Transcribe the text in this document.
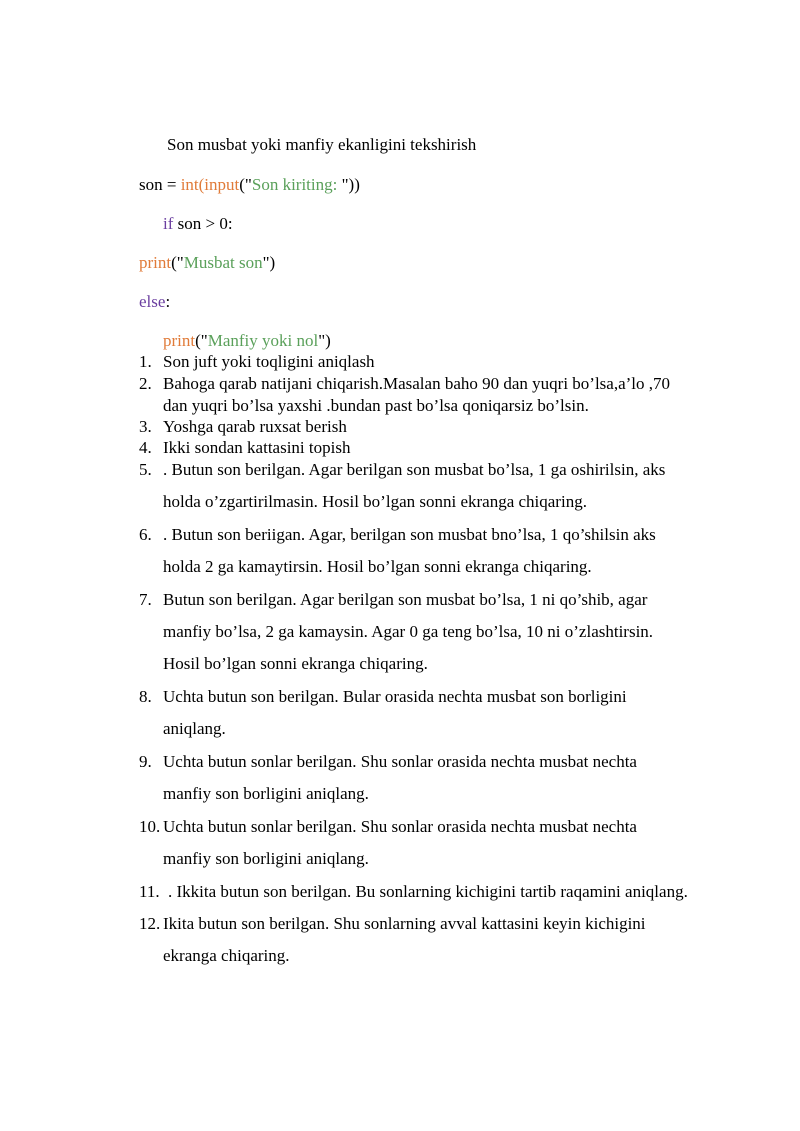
Son musbat yoki manfiy ekanligini tekshirish
son = int(input("Son kiriting: "))
if son > 0:
print("Musbat son")
else:
print("Manfiy yoki nol")
1. Son juft yoki toqligini aniqlash
2. Bahoga qarab natijani chiqarish.Masalan baho 90 dan yuqri bo’lsa,a’lo ,70
dan yuqri bo’lsa yaxshi .bundan past bo’lsa qoniqarsiz bo’lsin.
3. Yoshga qarab ruxsat berish
4. Ikki sondan kattasini topish
5. . Butun son berilgan. Agar berilgan son musbat bo’lsa, 1 ga oshirilsin, aks
holda o’zgartirilmasin. Hosil bo’lgan sonni ekranga chiqaring.
6. . Butun son beriigan. Agar, berilgan son musbat bno’lsa, 1 qo’shilsin aks
holda 2 ga kamaytirsin. Hosil bo’lgan sonni ekranga chiqaring.
7. Butun son berilgan. Agar berilgan son musbat bo’lsa, 1 ni qo’shib, agar
manfiy bo’lsa, 2 ga kamaysin. Agar 0 ga teng bo’lsa, 10 ni o’zlashtirsin.
Hosil bo’lgan sonni ekranga chiqaring.
8. Uchta butun son berilgan. Bular orasida nechta musbat son borligini
aniqlang.
9. Uchta butun sonlar berilgan. Shu sonlar orasida nechta musbat nechta
manfiy son borligini aniqlang.
10. Uchta butun sonlar berilgan. Shu sonlar orasida nechta musbat nechta
manfiy son borligini aniqlang.
11. . Ikkita butun son berilgan. Bu sonlarning kichigini tartib raqamini aniqlang.
12. Ikita butun son berilgan. Shu sonlarning avval kattasini keyin kichigini
ekranga chiqaring.
